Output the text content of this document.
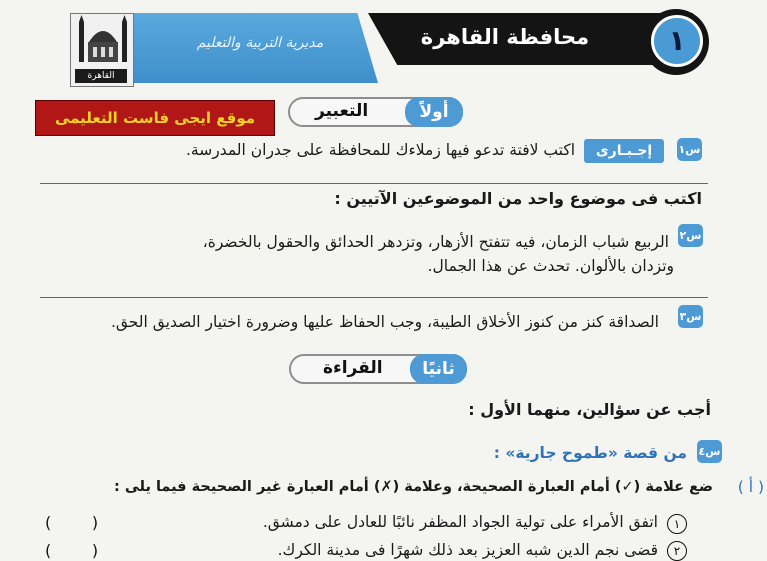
مديرية التربية والتعليم	محافظة القاهرة	١
القاهرة
أولاً
التعبير
موقع ايجى فاست التعليمى
س١
إجـبـارى
اكتب لافتة تدعو فيها زملاءك للمحافظة على جدران المدرسة.
اكتب فى موضوع واحد من الموضوعين الآتيين :
س٢
الربيع شباب الزمان، فيه تتفتح الأزهار، وتزدهر الحدائق والحقول بالخضرة،
وتزدان بالألوان. تحدث عن هذا الجمال.
س٣
الصداقة كنز من كنوز الأخلاق الطيبة، وجب الحفاظ عليها وضرورة اختيار الصديق الحق.
ثانيًا
القراءة
أجب عن سؤالين، منهما الأول :
س٤
من قصة «طموح جارية» :
( أ )
ضع علامة (✓) أمام العبارة الصحيحة، وعلامة (✗) أمام العبارة غير الصحيحة فيما يلى :
١
اتفق الأمراء على تولية الجواد المظفر نائبًا للعادل على دمشق.
(        )
٢
قضى نجم الدين شبه العزيز بعد ذلك شهرًا فى مدينة الكرك.
(        )
